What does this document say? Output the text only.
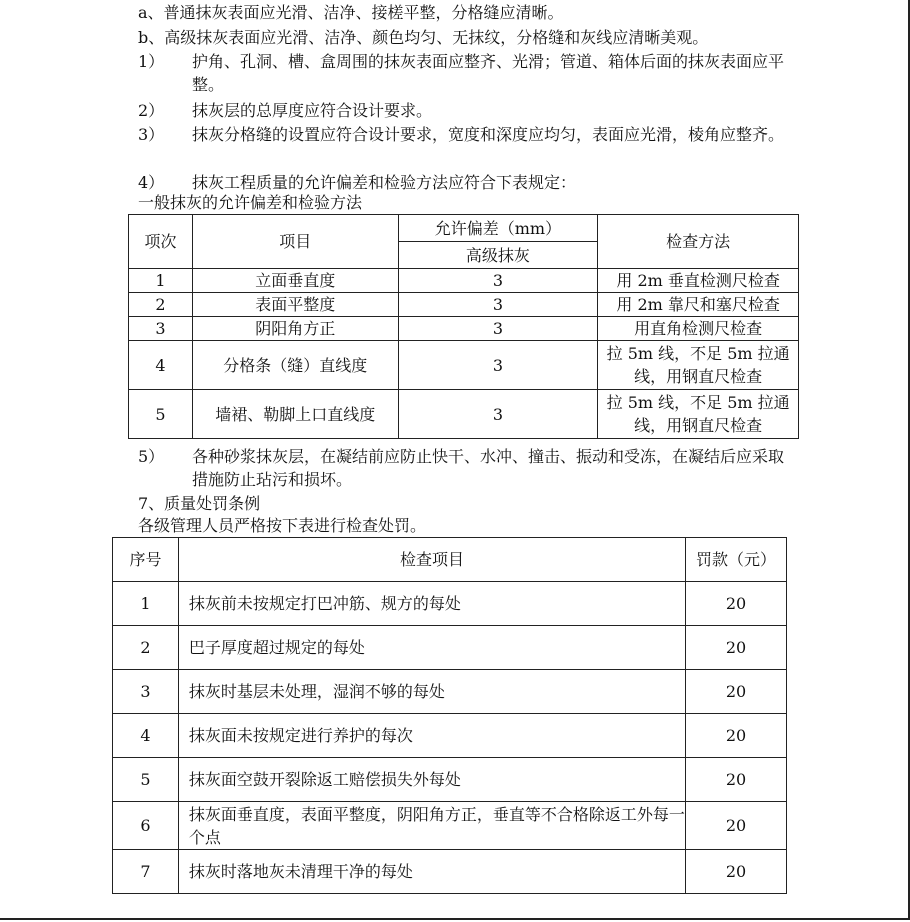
a、普通抹灰表面应光滑、洁净、接槎平整，分格缝应清晰。
b、高级抹灰表面应光滑、洁净、颜色均匀、无抹纹，分格缝和灰线应清晰美观。
1） 护角、孔洞、槽、盒周围的抹灰表面应整齐、光滑；管道、箱体后面的抹灰表面应平整。
2） 抹灰层的总厚度应符合设计要求。
3） 抹灰分格缝的设置应符合设计要求，宽度和深度应均匀，表面应光滑，棱角应整齐。
4） 抹灰工程质量的允许偏差和检验方法应符合下表规定：
一般抹灰的允许偏差和检验方法
项次	项目	允许偏差（mm）	检查方法
		高级抹灰	
1	立面垂直度	3	用 2m 垂直检测尺检查
2	表面平整度	3	用 2m 靠尺和塞尺检查
3	阴阳角方正	3	用直角检测尺检查
4	分格条（缝）直线度	3	拉 5m 线，不足 5m 拉通线，用钢直尺检查
5	墙裙、勒脚上口直线度	3	拉 5m 线，不足 5m 拉通线，用钢直尺检查
5） 各种砂浆抹灰层，在凝结前应防止快干、水冲、撞击、振动和受冻，在凝结后应采取措施防止玷污和损坏。
7、质量处罚条例
各级管理人员严格按下表进行检查处罚。
序号	检查项目	罚款（元）
1	抹灰前未按规定打巴冲筋、规方的每处	20
2	巴子厚度超过规定的每处	20
3	抹灰时基层未处理，湿润不够的每处	20
4	抹灰面未按规定进行养护的每次	20
5	抹灰面空鼓开裂除返工赔偿损失外每处	20
6	抹灰面垂直度，表面平整度，阴阳角方正，垂直等不合格除返工外每一个点	20
7	抹灰时落地灰未清理干净的每处	20
